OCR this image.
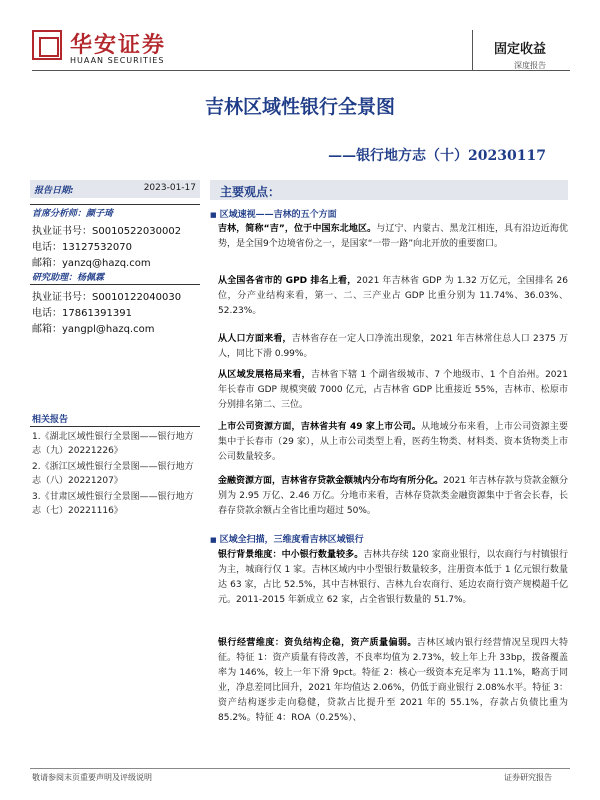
华安证券
HUAAN SECURITIES
固定收益
深度报告
吉林区域性银行全景图
——银行地方志（十）20230117
报告日期:	2023-01-17
首席分析师：颜子琦
执业证书号：S0010522030002
电话：13127532070
邮箱：yanzq@hazq.com
研究助理：杨佩霖
执业证书号：S0010122040030
电话：17861391391
邮箱：yangpl@hazq.com
相关报告
1.《湖北区域性银行全景图——银行地方志（九）20221226》
2.《浙江区域性银行全景图——银行地方志（八）20221207》
3.《甘肃区域性银行全景图——银行地方志（七）20221116》
主要观点：
■ 区域速视——吉林的五个方面
吉林，简称“吉”，位于中国东北地区。与辽宁、内蒙古、黑龙江相连，具有沿边近海优势，是全国9个边境省份之一，是国家“一带一路”向北开放的重要窗口。
从全国各省市的 GPD 排名上看，2021 年吉林省 GDP 为 1.32 万亿元，全国排名 26 位，分产业结构来看，第一、二、三产业占 GDP 比重分别为 11.74%、36.03%、52.23%。
从人口方面来看，吉林省存在一定人口净流出现象，2021 年吉林常住总人口 2375 万人，同比下滑 0.99%。
从区域发展格局来看，吉林省下辖 1 个副省级城市、7 个地级市、1 个自治州。2021 年长春市 GDP 规模突破 7000 亿元，占吉林省 GDP 比重接近 55%，吉林市、松原市分别排名第二、三位。
上市公司资源方面，吉林省共有 49 家上市公司。从地域分布来看，上市公司资源主要集中于长春市（29 家），从上市公司类型上看，医药生物类、材料类、资本货物类上市公司数量较多。
金融资源方面，吉林省存贷款金额城内分布均有所分化。2021 年吉林存款与贷款金额分别为 2.95 万亿、2.46 万亿。分地市来看，吉林存贷款类金融资源集中于省会长春，长春存贷款余额占全省比重均超过 50%。
■ 区域全扫描，三维度看吉林区域银行
银行背景维度：中小银行数量较多。吉林共存续 120 家商业银行，以农商行与村镇银行为主，城商行仅 1 家。吉林区域内中小型银行数量较多，注册资本低于 1 亿元银行数量达 63 家，占比 52.5%，其中吉林银行、吉林九台农商行、延边农商行资产规模超千亿元。2011-2015 年新成立 62 家，占全省银行数量的 51.7%。
银行经营维度：资负结构企稳，资产质量偏弱。吉林区域内银行经营情况呈现四大特征。特征 1：资产质量有待改善，不良率均值为 2.73%，较上年上升 33bp，拨备覆盖率为 146%，较上一年下滑 9pct。特征 2：核心一级资本充足率为 11.1%，略高于同业，净息差同比回升，2021 年均值达 2.06%，仍低于商业银行 2.08%水平。特征 3：资产结构逐步走向稳健，贷款占比提升至 2021 年的 55.1%，存款占负债比重为 85.2%。特征 4：ROA（0.25%）、
敬请参阅末页重要声明及评级说明	证券研究报告
